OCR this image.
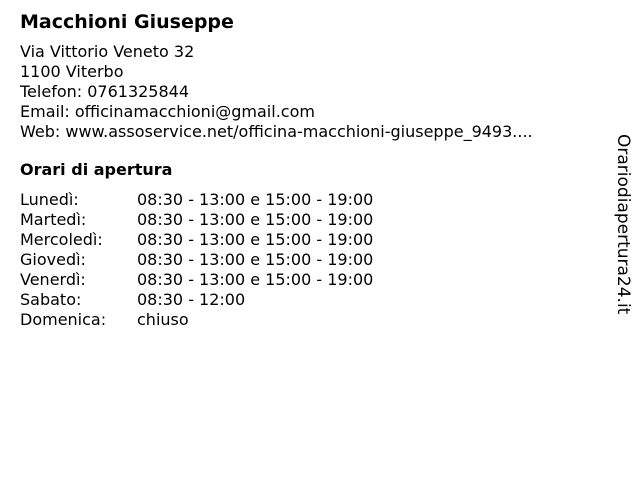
Macchioni Giuseppe
Via Vittorio Veneto 32
1100 Viterbo
Telefon: 0761325844
Email: officinamacchioni@gmail.com
Web: www.assoservice.net/officina-macchioni-giuseppe_9493....
Orari di apertura
Lunedì:	08:30 - 13:00 e 15:00 - 19:00
Martedì:	08:30 - 13:00 e 15:00 - 19:00
Mercoledì:	08:30 - 13:00 e 15:00 - 19:00
Giovedì:	08:30 - 13:00 e 15:00 - 19:00
Venerdì:	08:30 - 13:00 e 15:00 - 19:00
Sabato:	08:30 - 12:00
Domenica:	chiuso
Orariodiapertura24.it
